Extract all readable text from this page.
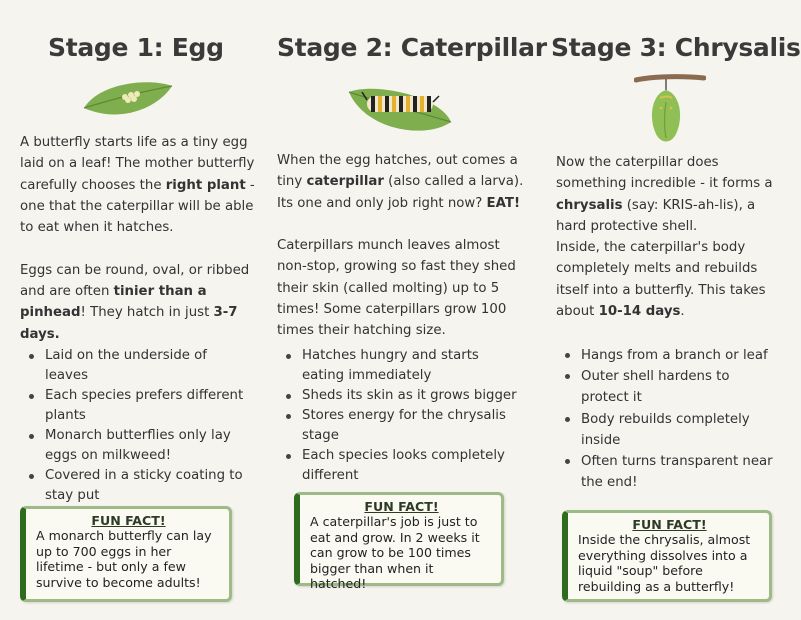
Stage 1: Egg

A butterfly starts life as a tiny egg laid on a leaf! The mother butterfly carefully chooses the right plant - one that the caterpillar will be able to eat when it hatches.

Eggs can be round, oval, or ribbed and are often tinier than a pinhead! They hatch in just 3-7 days.

Laid on the underside of leaves
Each species prefers different plants
Monarch butterflies only lay eggs on milkweed!
Covered in a sticky coating to stay put
FUN FACT!
A monarch butterfly can lay up to 700 eggs in her lifetime - but only a few survive to become adults!
Stage 2: Caterpillar

When the egg hatches, out comes a tiny caterpillar (also called a larva). Its one and only job right now? EAT!

Caterpillars munch leaves almost non-stop, growing so fast they shed their skin (called molting) up to 5 times! Some caterpillars grow 100 times their hatching size.

Hatches hungry and starts eating immediately
Sheds its skin as it grows bigger
Stores energy for the chrysalis stage
Each species looks completely different
FUN FACT!
A caterpillar's job is just to eat and grow. In 2 weeks it can grow to be 100 times bigger than when it hatched!
Stage 3: Chrysalis

Now the caterpillar does something incredible - it forms a chrysalis (say: KRIS-ah-lis), a hard protective shell.

Inside, the caterpillar's body completely melts and rebuilds itself into a butterfly. This takes about 10-14 days.

Hangs from a branch or leaf
Outer shell hardens to protect it
Body rebuilds completely inside
Often turns transparent near the end!
FUN FACT!
Inside the chrysalis, almost everything dissolves into a liquid "soup" before rebuilding as a butterfly!
